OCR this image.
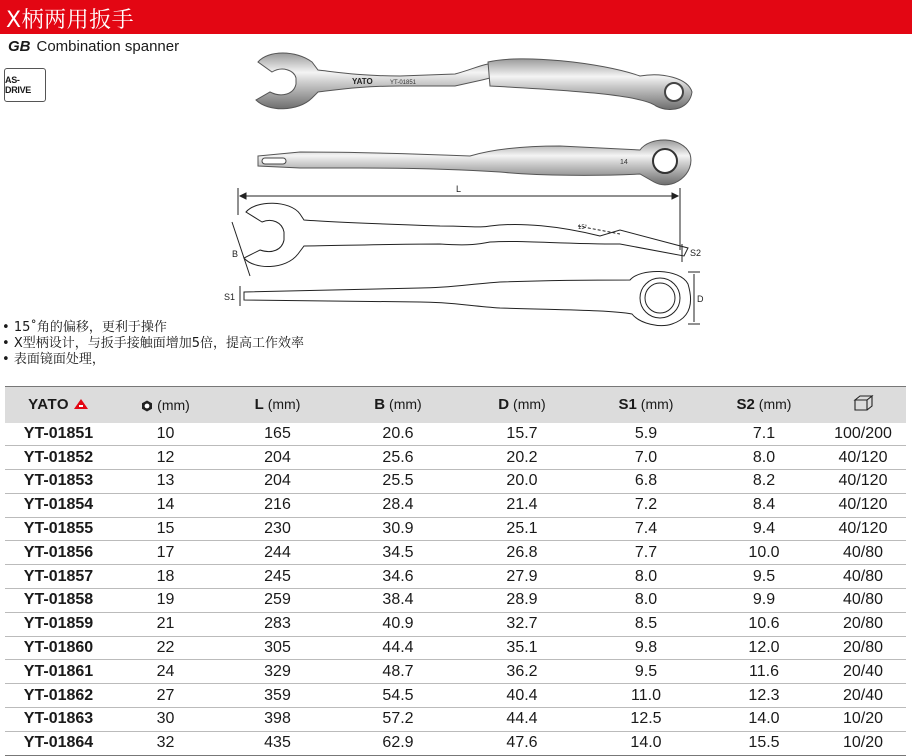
X柄两用扳手
GB Combination spanner
AS-DRIVE
YATO	YT-01851
14
L
B	S2
S1	D
15°
• 15˚角的偏移，更利于操作
• X型柄设计，与扳手接触面增加5倍，提高工作效率
• 表面镜面处理，
YATO	(mm)	L (mm)	B (mm)	D (mm)	S1 (mm)	S2 (mm)	
YT-01851	10	165	20.6	15.7	5.9	7.1	100/200
YT-01852	12	204	25.6	20.2	7.0	8.0	40/120
YT-01853	13	204	25.5	20.0	6.8	8.2	40/120
YT-01854	14	216	28.4	21.4	7.2	8.4	40/120
YT-01855	15	230	30.9	25.1	7.4	9.4	40/120
YT-01856	17	244	34.5	26.8	7.7	10.0	40/80
YT-01857	18	245	34.6	27.9	8.0	9.5	40/80
YT-01858	19	259	38.4	28.9	8.0	9.9	40/80
YT-01859	21	283	40.9	32.7	8.5	10.6	20/80
YT-01860	22	305	44.4	35.1	9.8	12.0	20/80
YT-01861	24	329	48.7	36.2	9.5	11.6	20/40
YT-01862	27	359	54.5	40.4	11.0	12.3	20/40
YT-01863	30	398	57.2	44.4	12.5	14.0	10/20
YT-01864	32	435	62.9	47.6	14.0	15.5	10/20
